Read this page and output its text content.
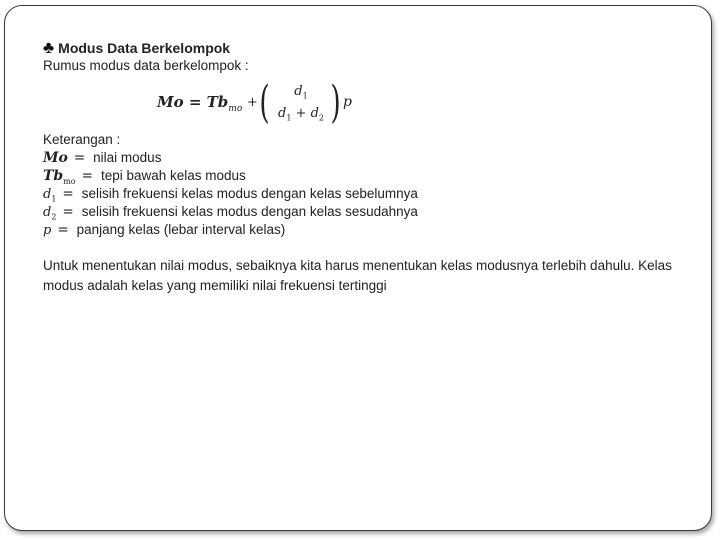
♣ Modus Data Berkelompok
Rumus modus data berkelompok :
$Mo = Tb_{mo}$ + (	$d_1$
$d_1 + d_2$ ) p
Keterangan :
Mo = nilai modus
$Tb_{mo}$ = tepi bawah kelas modus
$d_1$ = selisih frekuensi kelas modus dengan kelas sebelumnya
$d_2$ = selisih frekuensi kelas modus dengan kelas sesudahnya
p = panjang kelas (lebar interval kelas)
Untuk menentukan nilai modus, sebaiknya kita harus menentukan kelas modusnya terlebih dahulu. Kelas modus adalah kelas yang memiliki nilai frekuensi tertinggi
